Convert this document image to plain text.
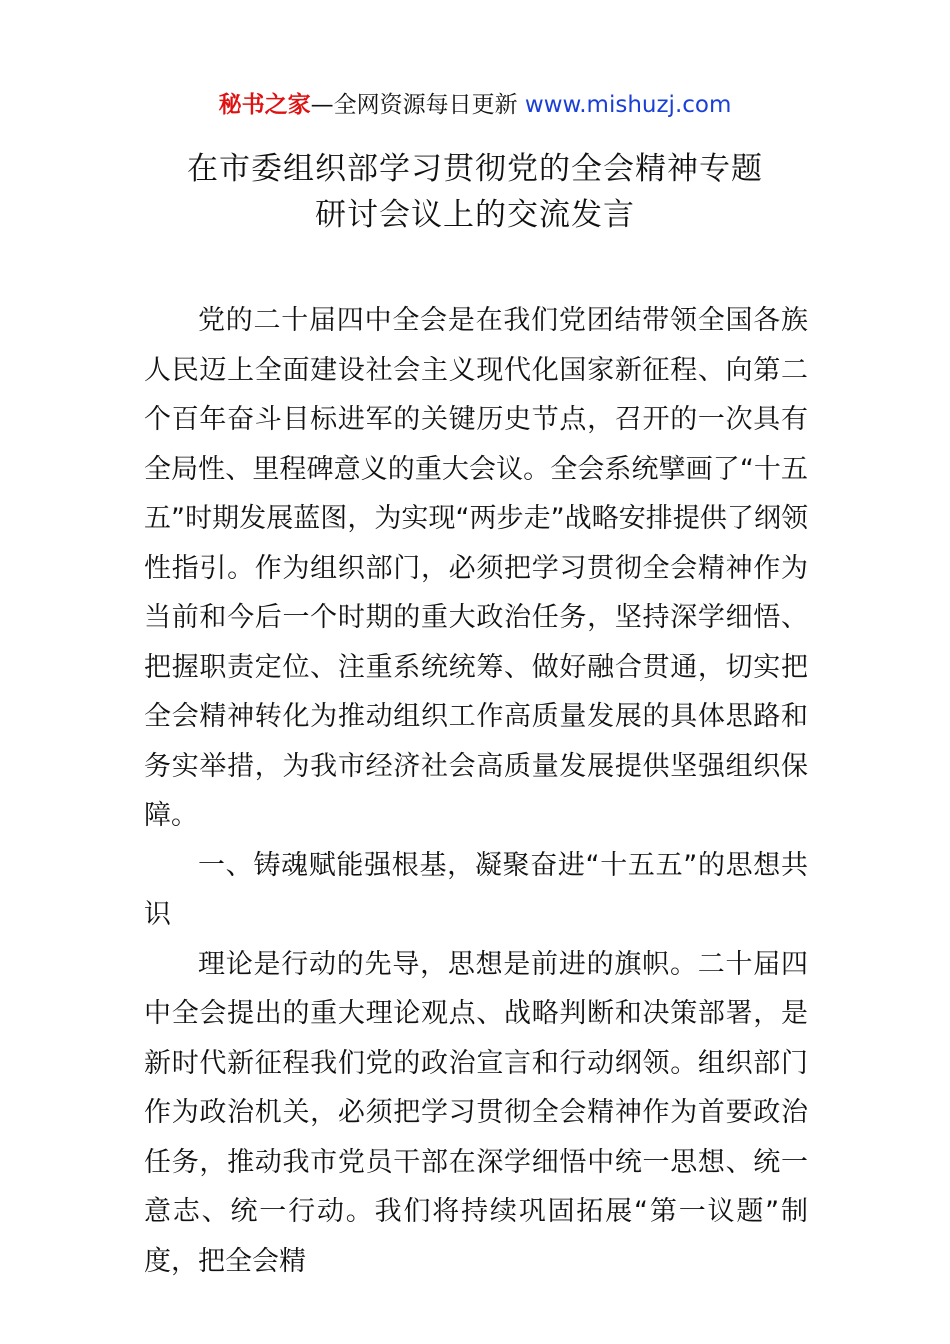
秘书之家—全网资源每日更新 www.mishuzj.com
在市委组织部学习贯彻党的全会精神专题
研讨会议上的交流发言

党的二十届四中全会是在我们党团结带领全国各族人民迈上全面建设社会主义现代化国家新征程、向第二个百年奋斗目标进军的关键历史节点，召开的一次具有全局性、里程碑意义的重大会议。全会系统擘画了“十五五”时期发展蓝图，为实现“两步走”战略安排提供了纲领性指引。作为组织部门，必须把学习贯彻全会精神作为当前和今后一个时期的重大政治任务，坚持深学细悟、把握职责定位、注重系统统筹、做好融合贯通，切实把全会精神转化为推动组织工作高质量发展的具体思路和务实举措，为我市经济社会高质量发展提供坚强组织保障。

一、铸魂赋能强根基，凝聚奋进“十五五”的思想共识

理论是行动的先导，思想是前进的旗帜。二十届四中全会提出的重大理论观点、战略判断和决策部署，是新时代新征程我们党的政治宣言和行动纲领。组织部门作为政治机关，必须把学习贯彻全会精神作为首要政治任务，推动我市党员干部在深学细悟中统一思想、统一意志、统一行动。我们将持续巩固拓展“第一议题”制度，把全会精
